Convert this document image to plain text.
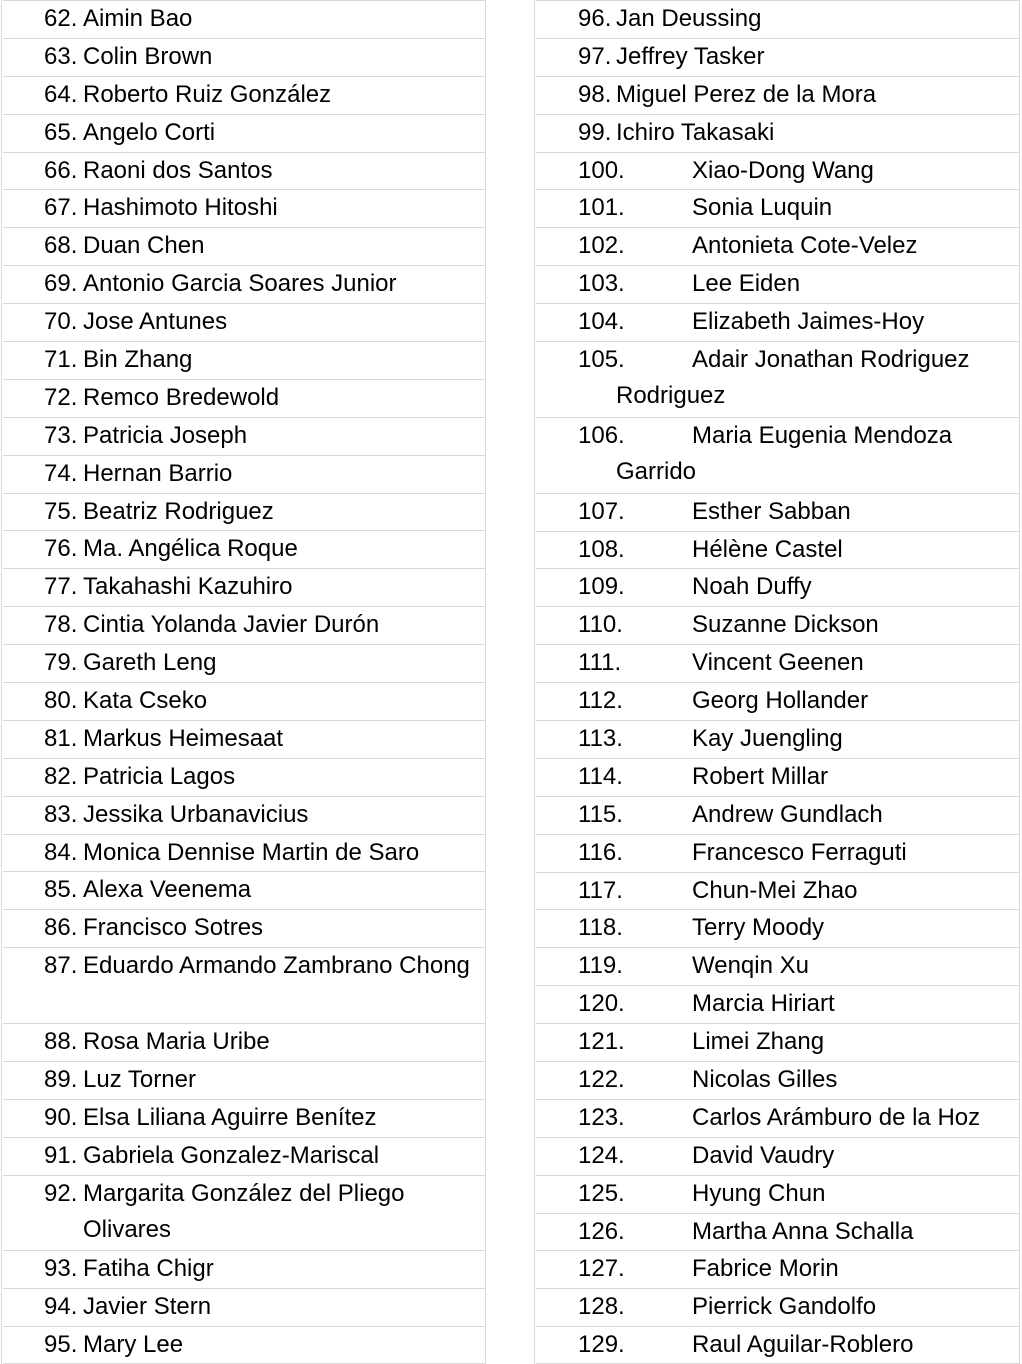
62. Aimin Bao
63. Colin Brown
64. Roberto Ruiz González
65. Angelo Corti
66. Raoni dos Santos
67. Hashimoto Hitoshi
68. Duan Chen
69. Antonio Garcia Soares Junior
70. Jose Antunes
71. Bin Zhang
72. Remco Bredewold
73. Patricia Joseph
74. Hernan Barrio
75. Beatriz Rodriguez
76. Ma. Angélica Roque
77. Takahashi Kazuhiro
78. Cintia Yolanda Javier Durón
79. Gareth Leng
80. Kata Cseko
81. Markus Heimesaat
82. Patricia Lagos
83. Jessika Urbanavicius
84. Monica Dennise Martin de Saro
85. Alexa Veenema
86. Francisco Sotres
87. Eduardo Armando Zambrano Chong
88. Rosa Maria Uribe
89. Luz Torner
90. Elsa Liliana Aguirre Benítez
91. Gabriela Gonzalez-Mariscal
92. Margarita González del Pliego Olivares
93. Fatiha Chigr
94. Javier Stern
95. Mary Lee
96. Jan Deussing
97. Jeffrey Tasker
98. Miguel Perez de la Mora
99. Ichiro Takasaki
100.	Xiao-Dong Wang
101.	Sonia Luquin
102.	Antonieta Cote-Velez
103.	Lee Eiden
104.	Elizabeth Jaimes-Hoy
105.	Adair Jonathan Rodriguez Rodriguez
106.	Maria Eugenia Mendoza Garrido
107.	Esther Sabban
108.	Hélène Castel
109.	Noah Duffy
110.	Suzanne Dickson
111.	Vincent Geenen
112.	Georg Hollander
113.	Kay Juengling
114.	Robert Millar
115.	Andrew Gundlach
116.	Francesco Ferraguti
117.	Chun-Mei Zhao
118.	Terry Moody
119.	Wenqin Xu
120.	Marcia Hiriart
121.	Limei Zhang
122.	Nicolas Gilles
123.	Carlos Arámburo de la Hoz
124.	David Vaudry
125.	Hyung Chun
126.	Martha Anna Schalla
127.	Fabrice Morin
128.	Pierrick Gandolfo
129.	Raul Aguilar-Roblero
